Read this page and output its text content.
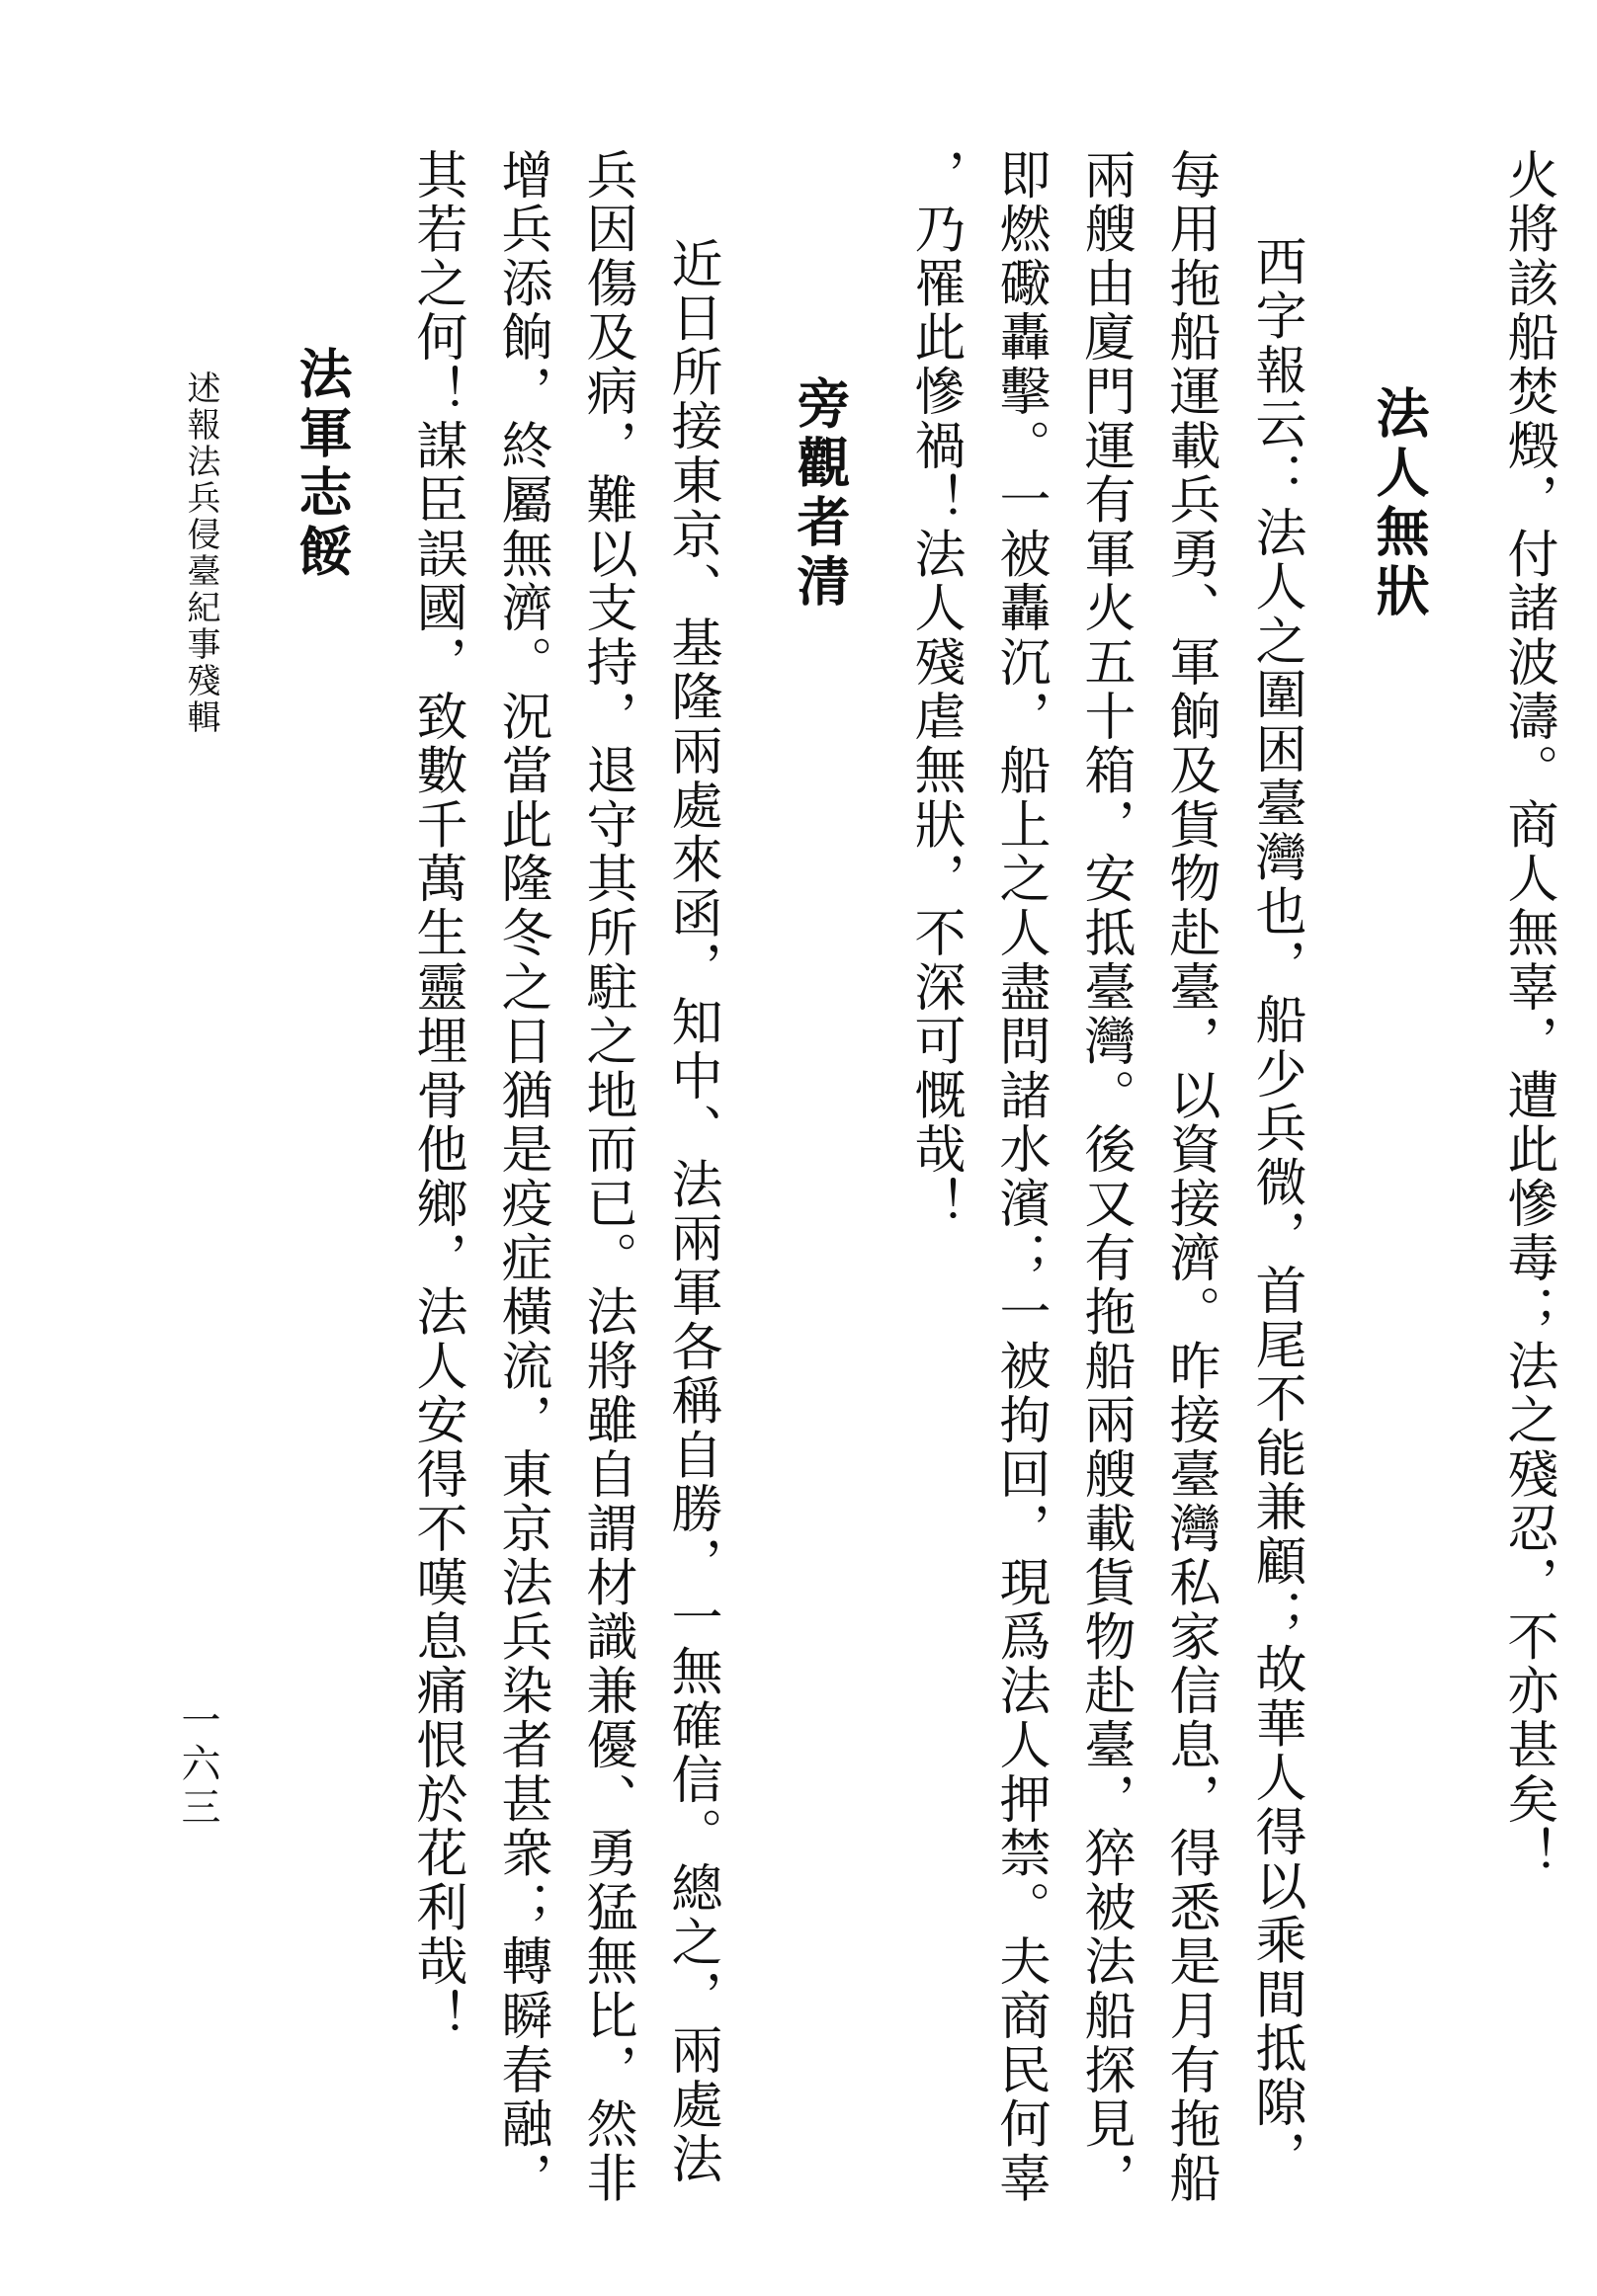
火將該船焚燬，付諸波濤。商人無辜，遭此慘毒；法之殘忍，不亦甚矣！
法人無狀
西字報云：法人之圍困臺灣也，船少兵微，首尾不能兼顧；故華人得以乘間抵隙，
每用拖船運載兵勇、軍餉及貨物赴臺，以資接濟。昨接臺灣私家信息，得悉是月有拖船
兩艘由廈門運有軍火五十箱，安抵臺灣。後又有拖船兩艘載貨物赴臺，猝被法船探見，
即燃礮轟擊。一被轟沉，船上之人盡問諸水濱；一被拘回，現爲法人押禁。夫商民何辜
，乃罹此慘禍！法人殘虐無狀，不深可慨哉！
旁觀者清
近日所接東京、基隆兩處來函，知中、法兩軍各稱自勝，一無確信。總之，兩處法
兵因傷及病，難以支持，退守其所駐之地而已。法將雖自謂材識兼優、勇猛無比，然非
增兵添餉，終屬無濟。況當此隆冬之日猶是疫症橫流，東京法兵染者甚衆；轉瞬春融，
其若之何！謀臣誤國，致數千萬生靈埋骨他鄉，法人安得不嘆息痛恨於花利哉！
法軍志餒
述報法兵侵臺紀事殘輯
一六三
